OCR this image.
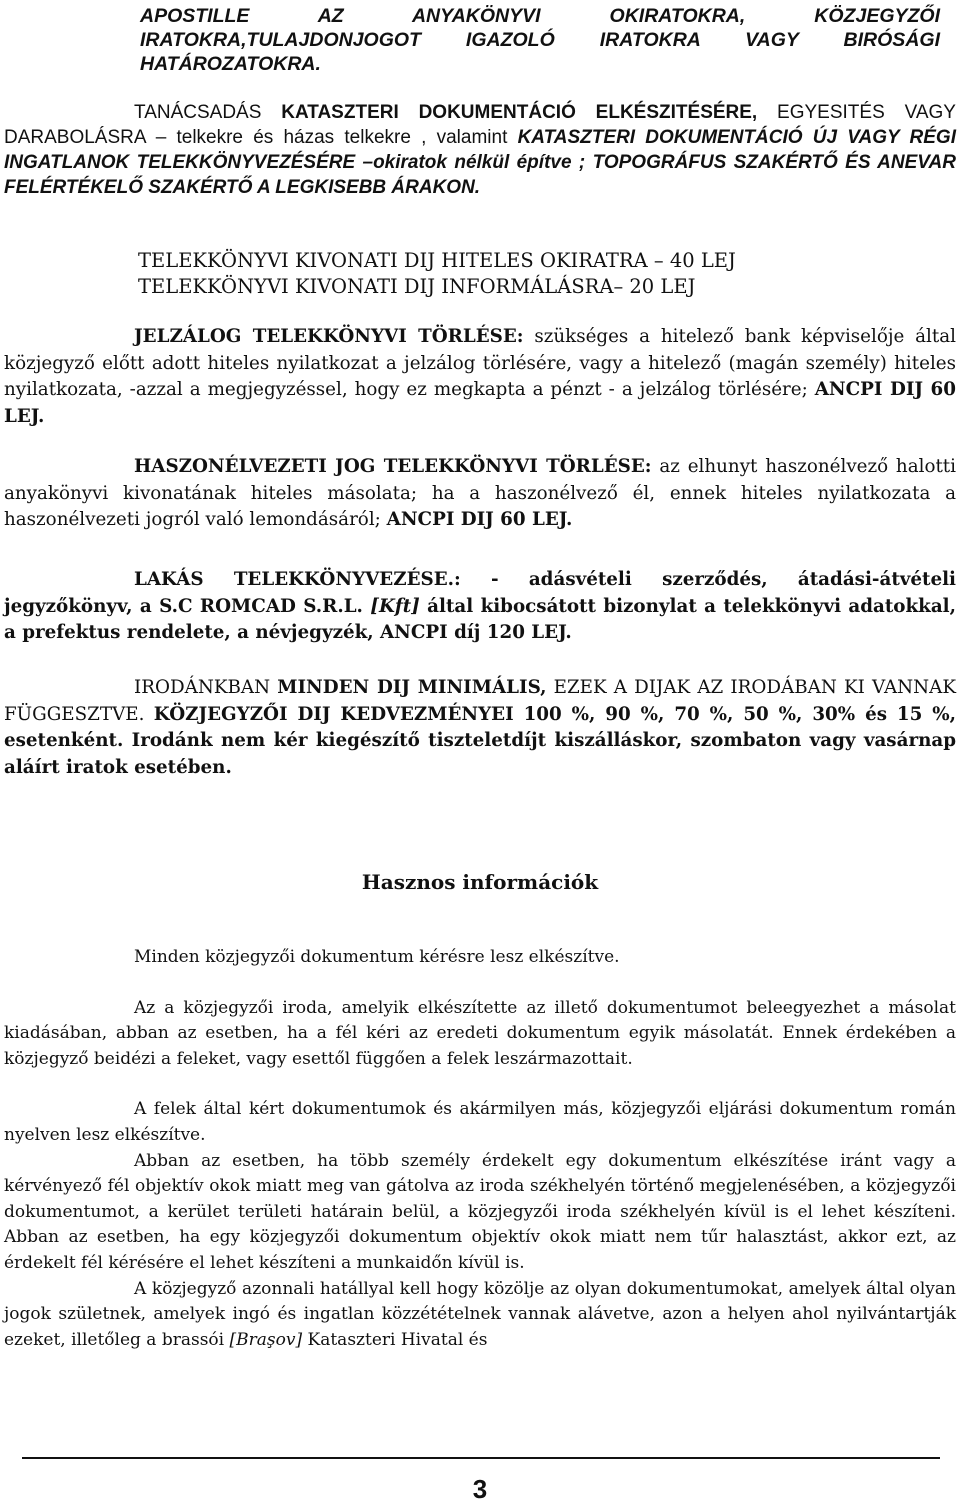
APOSTILLE AZ ANYAKÖNYVI OKIRATOKRA, KÖZJEGYZŐI IRATOKRA,TULAJDONJOGOT IGAZOLÓ IRATOKRA VAGY BIRÓSÁGI HATÁROZATOKRA.

TANÁCSADÁS KATASZTERI DOKUMENTÁCIÓ ELKÉSZITÉSÉRE, EGYESITÉS VAGY DARABOLÁSRA – telkekre és házas telkekre , valamint KATASZTERI DOKUMENTÁCIÓ ÚJ VAGY RÉGI INGATLANOK TELEKKÖNYVEZÉSÉRE –okiratok nélkül építve ; TOPOGRÁFUS SZAKÉRTŐ ÉS ANEVAR FELÉRTÉKELŐ SZAKÉRTŐ A LEGKISEBB ÁRAKON.

TELEKKÖNYVI KIVONATI DIJ HITELES OKIRATRA – 40 LEJ

TELEKKÖNYVI KIVONATI DIJ INFORMÁLÁSRA– 20 LEJ

JELZÁLOG TELEKKÖNYVI TÖRLÉSE: szükséges a hitelező bank képviselője által közjegyző előtt adott hiteles nyilatkozat a jelzálog törlésére, vagy a hitelező (magán személy) hiteles nyilatkozata, -azzal a megjegyzéssel, hogy ez megkapta a pénzt - a jelzálog törlésére; ANCPI DIJ 60 LEJ.

HASZONÉLVEZETI JOG TELEKKÖNYVI TÖRLÉSE: az elhunyt haszonélvező halotti anyakönyvi kivonatának hiteles másolata; ha a haszonélvező él, ennek hiteles nyilatkozata a haszonélvezeti jogról való lemondásáról; ANCPI DIJ 60 LEJ.

LAKÁS TELEKKÖNYVEZÉSE.: - adásvételi szerződés, átadási-átvételi jegyzőkönyv, a S.C ROMCAD S.R.L. [Kft] által kibocsátott bizonylat a telekkönyvi adatokkal, a prefektus rendelete, a névjegyzék, ANCPI díj 120 LEJ.

IRODÁNKBAN MINDEN DIJ MINIMÁLIS, EZEK A DIJAK AZ IRODÁBAN KI VANNAK FÜGGESZTVE. KÖZJEGYZŐI DIJ KEDVEZMÉNYEI 100 %, 90 %, 70 %, 50 %, 30% és 15 %, esetenként. Irodánk nem kér kiegészítő tiszteletdíjt kiszálláskor, szombaton vagy vasárnap aláírt iratok esetében.

Hasznos információk

Minden közjegyzői dokumentum kérésre lesz elkészítve.

Az a közjegyzői iroda, amelyik elkészítette az illető dokumentumot beleegyezhet a másolat kiadásában, abban az esetben, ha a fél kéri az eredeti dokumentum egyik másolatát. Ennek érdekében a közjegyző beidézi a feleket, vagy esettől függően a felek leszármazottait.

A felek által kért dokumentumok és akármilyen más, közjegyzői eljárási dokumentum román nyelven lesz elkészítve.

Abban az esetben, ha több személy érdekelt egy dokumentum elkészítése iránt vagy a kérvényező fél objektív okok miatt meg van gátolva az iroda székhelyén történő megjelenésében, a közjegyzői dokumentumot, a kerület területi határain belül, a közjegyzői iroda székhelyén kívül is el lehet készíteni. Abban az esetben, ha egy közjegyzői dokumentum objektív okok miatt nem tűr halasztást, akkor ezt, az érdekelt fél kérésére el lehet készíteni a munkaidőn kívül is.

A közjegyző azonnali hatállyal kell hogy közölje az olyan dokumentumokat, amelyek által olyan jogok születnek, amelyek ingó és ingatlan közzétételnek vannak alávetve, azon a helyen ahol nyilvántartják ezeket, illetőleg a brassói [Braşov] Kataszteri Hivatal és

3
